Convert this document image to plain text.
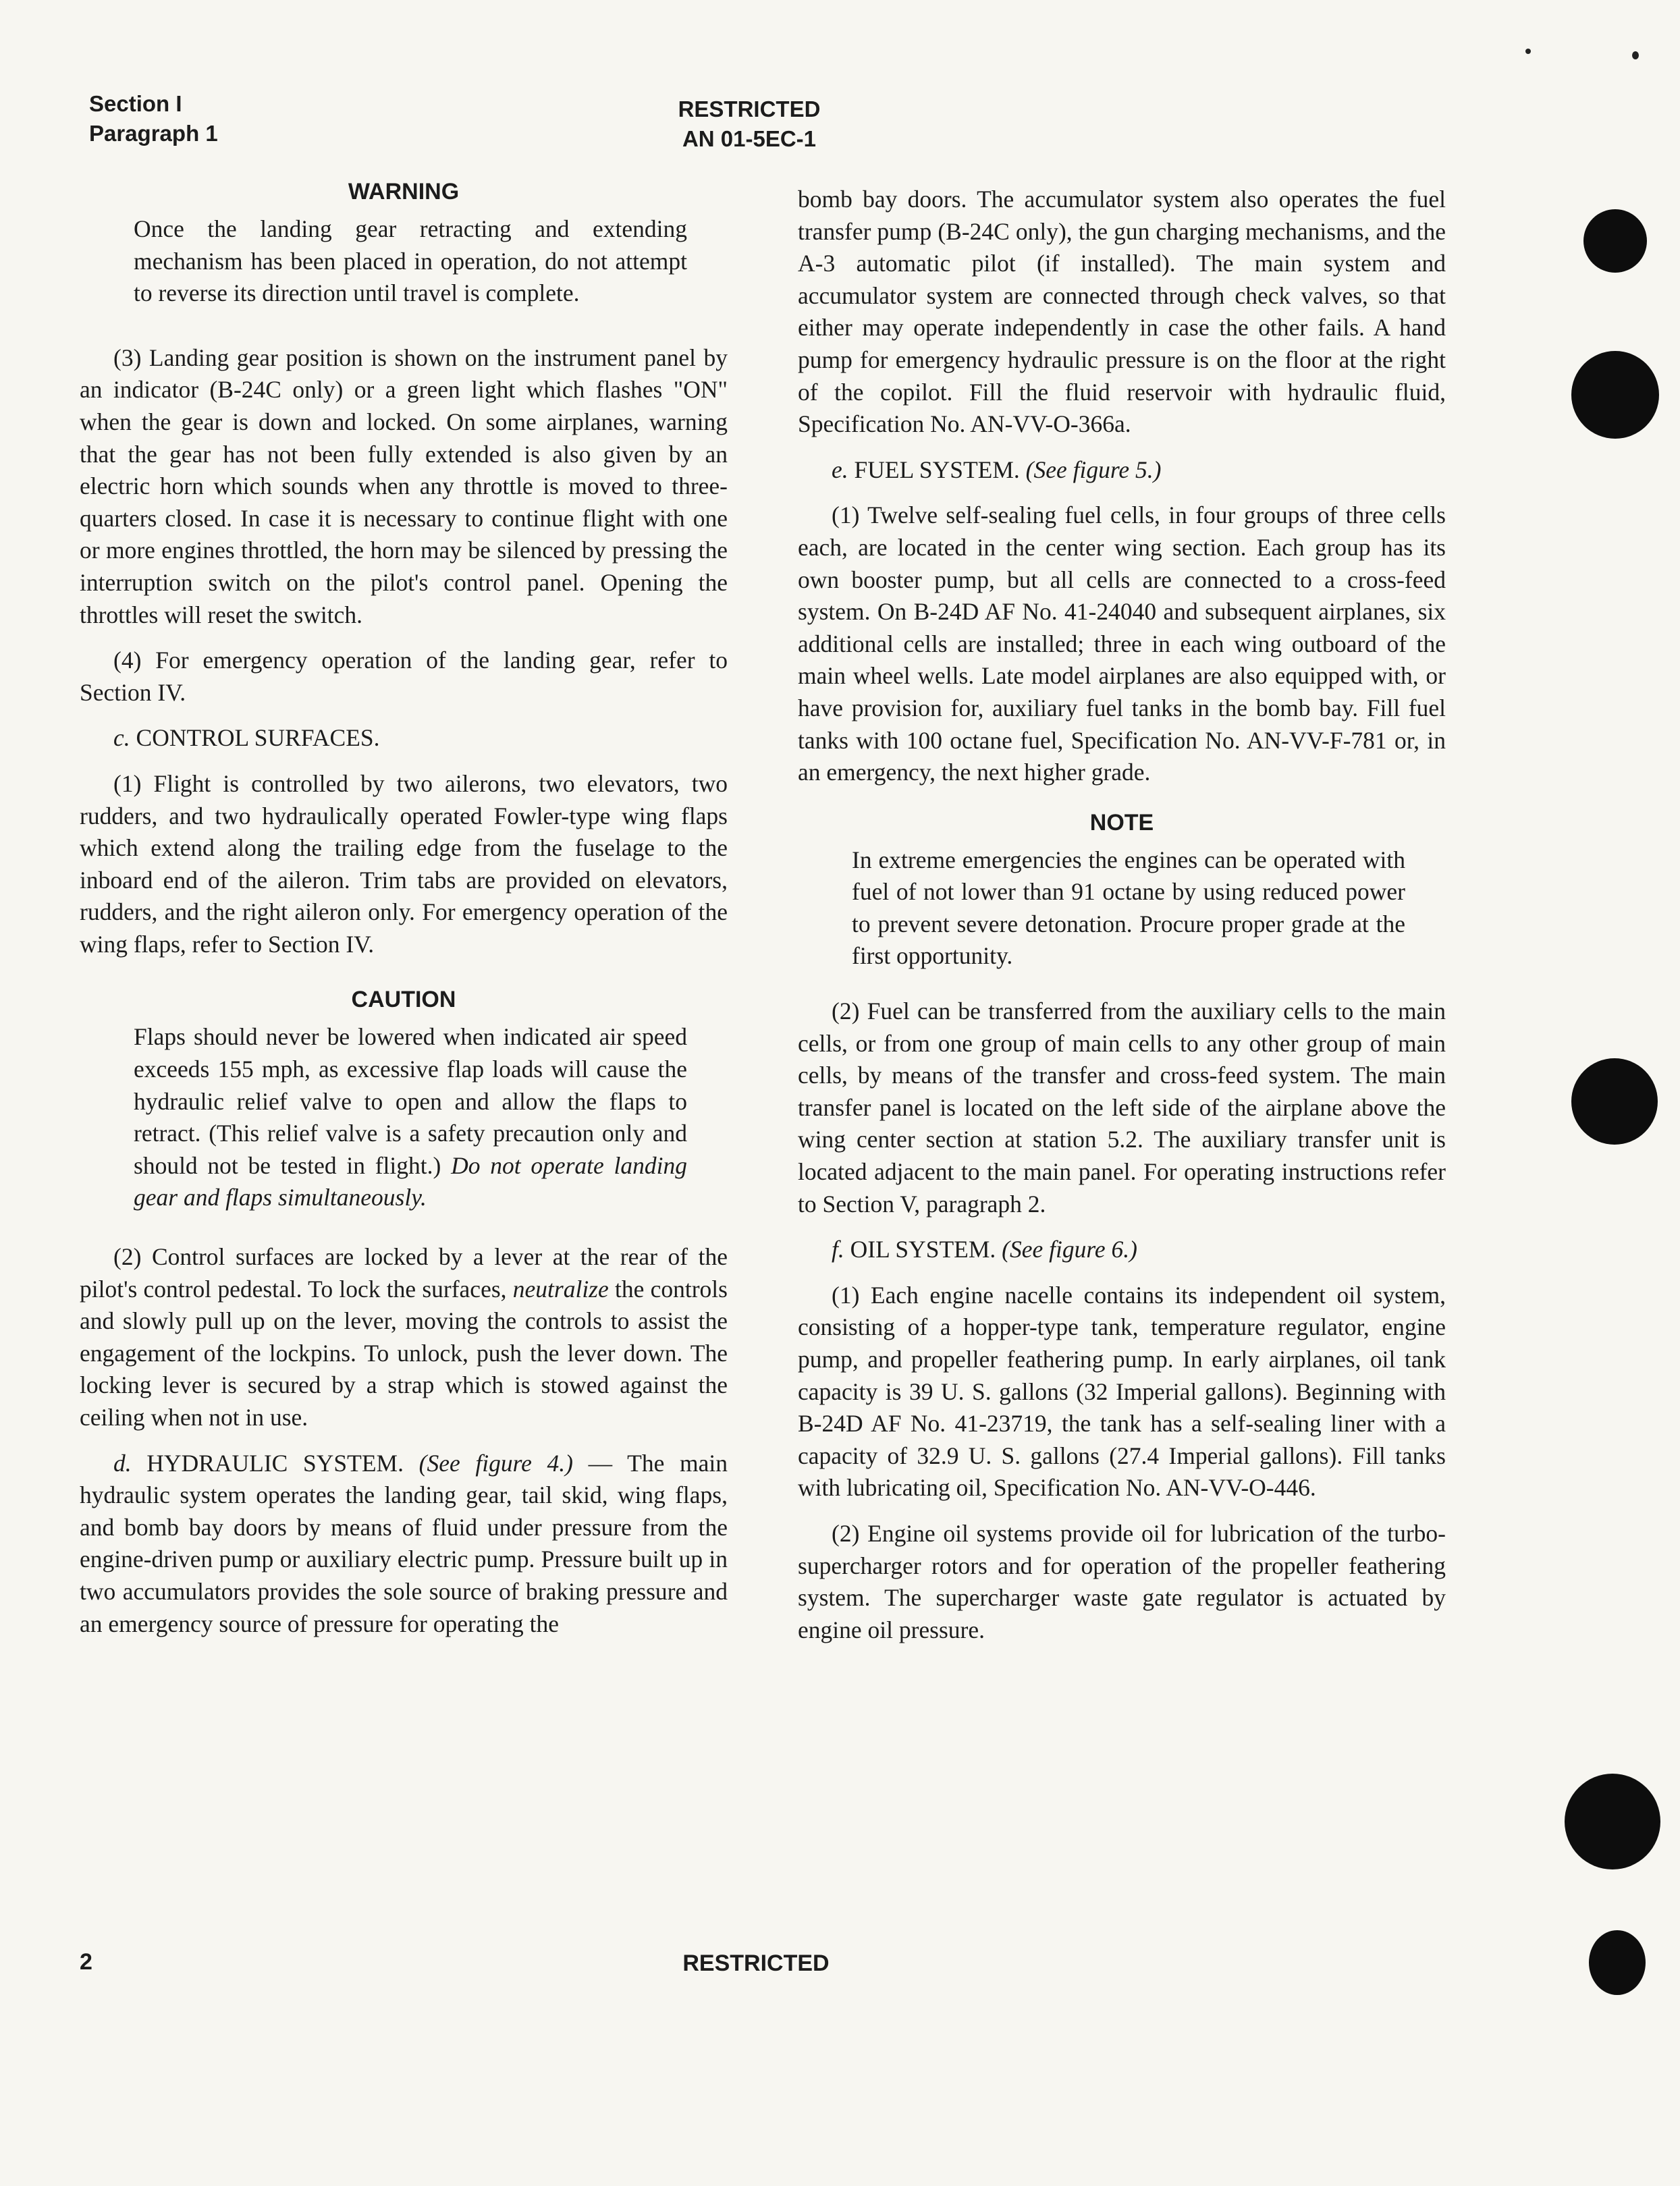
Section I
Paragraph 1
RESTRICTED
AN 01-5EC-1
WARNING

Once the landing gear retracting and extending mechanism has been placed in operation, do not attempt to reverse its direction until travel is complete.

(3) Landing gear position is shown on the instrument panel by an indicator (B-24C only) or a green light which flashes "ON" when the gear is down and locked. On some airplanes, warning that the gear has not been fully extended is also given by an electric horn which sounds when any throttle is moved to three-quarters closed. In case it is necessary to continue flight with one or more engines throttled, the horn may be silenced by pressing the interruption switch on the pilot's control panel. Opening the throttles will reset the switch.

(4) For emergency operation of the landing gear, refer to Section IV.

c. CONTROL SURFACES.

(1) Flight is controlled by two ailerons, two elevators, two rudders, and two hydraulically operated Fowler-type wing flaps which extend along the trailing edge from the fuselage to the inboard end of the aileron. Trim tabs are provided on elevators, rudders, and the right aileron only. For emergency operation of the wing flaps, refer to Section IV.

CAUTION

Flaps should never be lowered when indicated air speed exceeds 155 mph, as excessive flap loads will cause the hydraulic relief valve to open and allow the flaps to retract. (This relief valve is a safety precaution only and should not be tested in flight.) Do not operate landing gear and flaps simultaneously.

(2) Control surfaces are locked by a lever at the rear of the pilot's control pedestal. To lock the surfaces, neutralize the controls and slowly pull up on the lever, moving the controls to assist the engagement of the lockpins. To unlock, push the lever down. The locking lever is secured by a strap which is stowed against the ceiling when not in use.

d. HYDRAULIC SYSTEM. (See figure 4.) — The main hydraulic system operates the landing gear, tail skid, wing flaps, and bomb bay doors by means of fluid under pressure from the engine-driven pump or auxiliary electric pump. Pressure built up in two accumulators provides the sole source of braking pressure and an emergency source of pressure for operating the

bomb bay doors. The accumulator system also operates the fuel transfer pump (B-24C only), the gun charging mechanisms, and the A-3 automatic pilot (if installed). The main system and accumulator system are connected through check valves, so that either may operate independently in case the other fails. A hand pump for emergency hydraulic pressure is on the floor at the right of the copilot. Fill the fluid reservoir with hydraulic fluid, Specification No. AN-VV-O-366a.

e. FUEL SYSTEM. (See figure 5.)

(1) Twelve self-sealing fuel cells, in four groups of three cells each, are located in the center wing section. Each group has its own booster pump, but all cells are connected to a cross-feed system. On B-24D AF No. 41-24040 and subsequent airplanes, six additional cells are installed; three in each wing outboard of the main wheel wells. Late model airplanes are also equipped with, or have provision for, auxiliary fuel tanks in the bomb bay. Fill fuel tanks with 100 octane fuel, Specification No. AN-VV-F-781 or, in an emergency, the next higher grade.

NOTE

In extreme emergencies the engines can be operated with fuel of not lower than 91 octane by using reduced power to prevent severe detonation. Procure proper grade at the first opportunity.

(2) Fuel can be transferred from the auxiliary cells to the main cells, or from one group of main cells to any other group of main cells, by means of the transfer and cross-feed system. The main transfer panel is located on the left side of the airplane above the wing center section at station 5.2. The auxiliary transfer unit is located adjacent to the main panel. For operating instructions refer to Section V, paragraph 2.

f. OIL SYSTEM. (See figure 6.)

(1) Each engine nacelle contains its independent oil system, consisting of a hopper-type tank, temperature regulator, engine pump, and propeller feathering pump. In early airplanes, oil tank capacity is 39 U. S. gallons (32 Imperial gallons). Beginning with B-24D AF No. 41-23719, the tank has a self-sealing liner with a capacity of 32.9 U. S. gallons (27.4 Imperial gallons). Fill tanks with lubricating oil, Specification No. AN-VV-O-446.

(2) Engine oil systems provide oil for lubrication of the turbo-supercharger rotors and for operation of the propeller feathering system. The supercharger waste gate regulator is actuated by engine oil pressure.

2	RESTRICTED
